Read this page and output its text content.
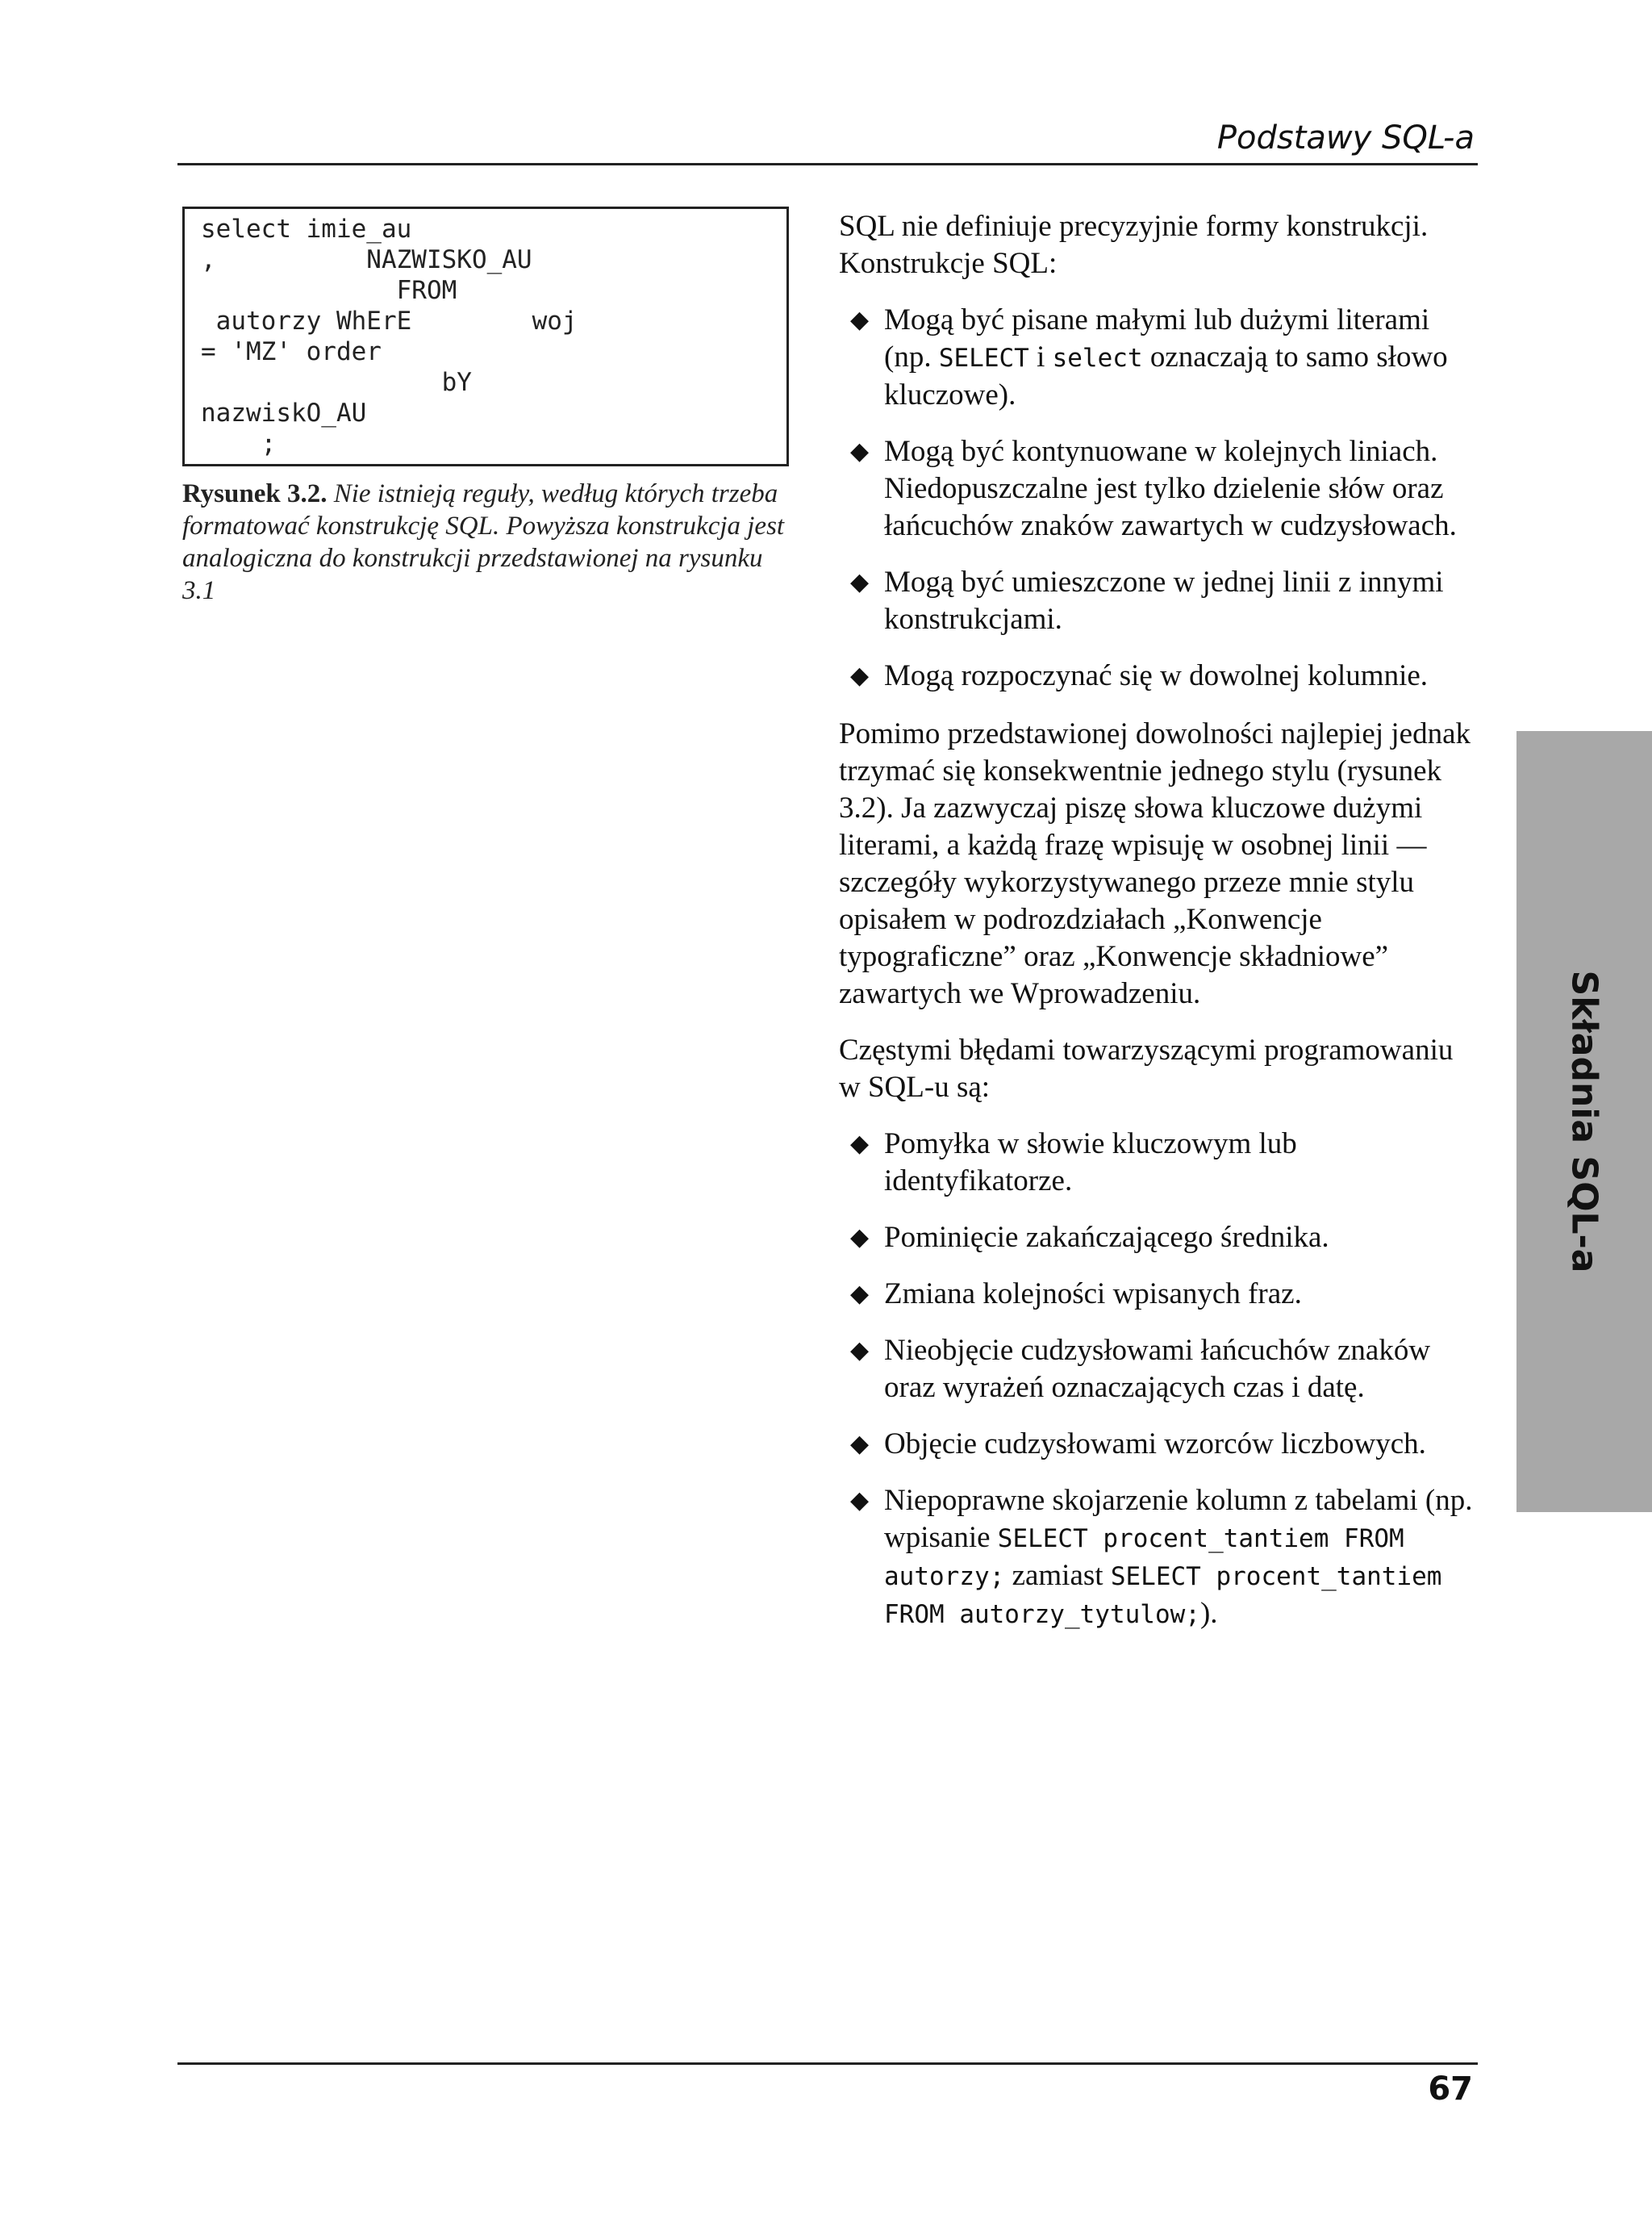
Podstawy SQL-a
select imie_au
,          NAZWISKO_AU
FROM
autorzy WhErE        woj
= 'MZ' order
bY
nazwiskO_AU
;
Rysunek 3.2. Nie istnieją reguły, według których trzeba formatować konstrukcję SQL. Powyższa konstrukcja jest analogiczna do konstrukcji przedstawionej na rysunku 3.1

SQL nie definiuje precyzyjnie formy konstrukcji. Konstrukcje SQL:

◆ Mogą być pisane małymi lub dużymi literami (np. SELECT i select oznaczają to samo słowo kluczowe).
◆ Mogą być kontynuowane w kolejnych liniach. Niedopuszczalne jest tylko dzielenie słów oraz łańcuchów znaków zawartych w cudzysłowach.
◆ Mogą być umieszczone w jednej linii z innymi konstrukcjami.
◆ Mogą rozpoczynać się w dowolnej kolumnie.

Pomimo przedstawionej dowolności najlepiej jednak trzymać się konsekwentnie jednego stylu (rysunek 3.2). Ja zazwyczaj piszę słowa kluczowe dużymi literami, a każdą frazę wpisuję w osobnej linii — szczegóły wykorzystywanego przeze mnie stylu opisałem w podrozdziałach „Konwencje typograficzne” oraz „Konwencje składniowe” zawartych we Wprowadzeniu.

Częstymi błędami towarzyszącymi programowaniu w SQL-u są:

◆ Pomyłka w słowie kluczowym lub identyfikatorze.
◆ Pominięcie zakańczającego średnika.
◆ Zmiana kolejności wpisanych fraz.
◆ Nieobjęcie cudzysłowami łańcuchów znaków oraz wyrażeń oznaczających czas i datę.
◆ Objęcie cudzysłowami wzorców liczbowych.
◆ Niepoprawne skojarzenie kolumn z tabelami (np. wpisanie SELECT procent_tantiem FROM autorzy; zamiast SELECT procent_tantiem FROM autorzy_tytulow;).
Składnia SQL-a
67
